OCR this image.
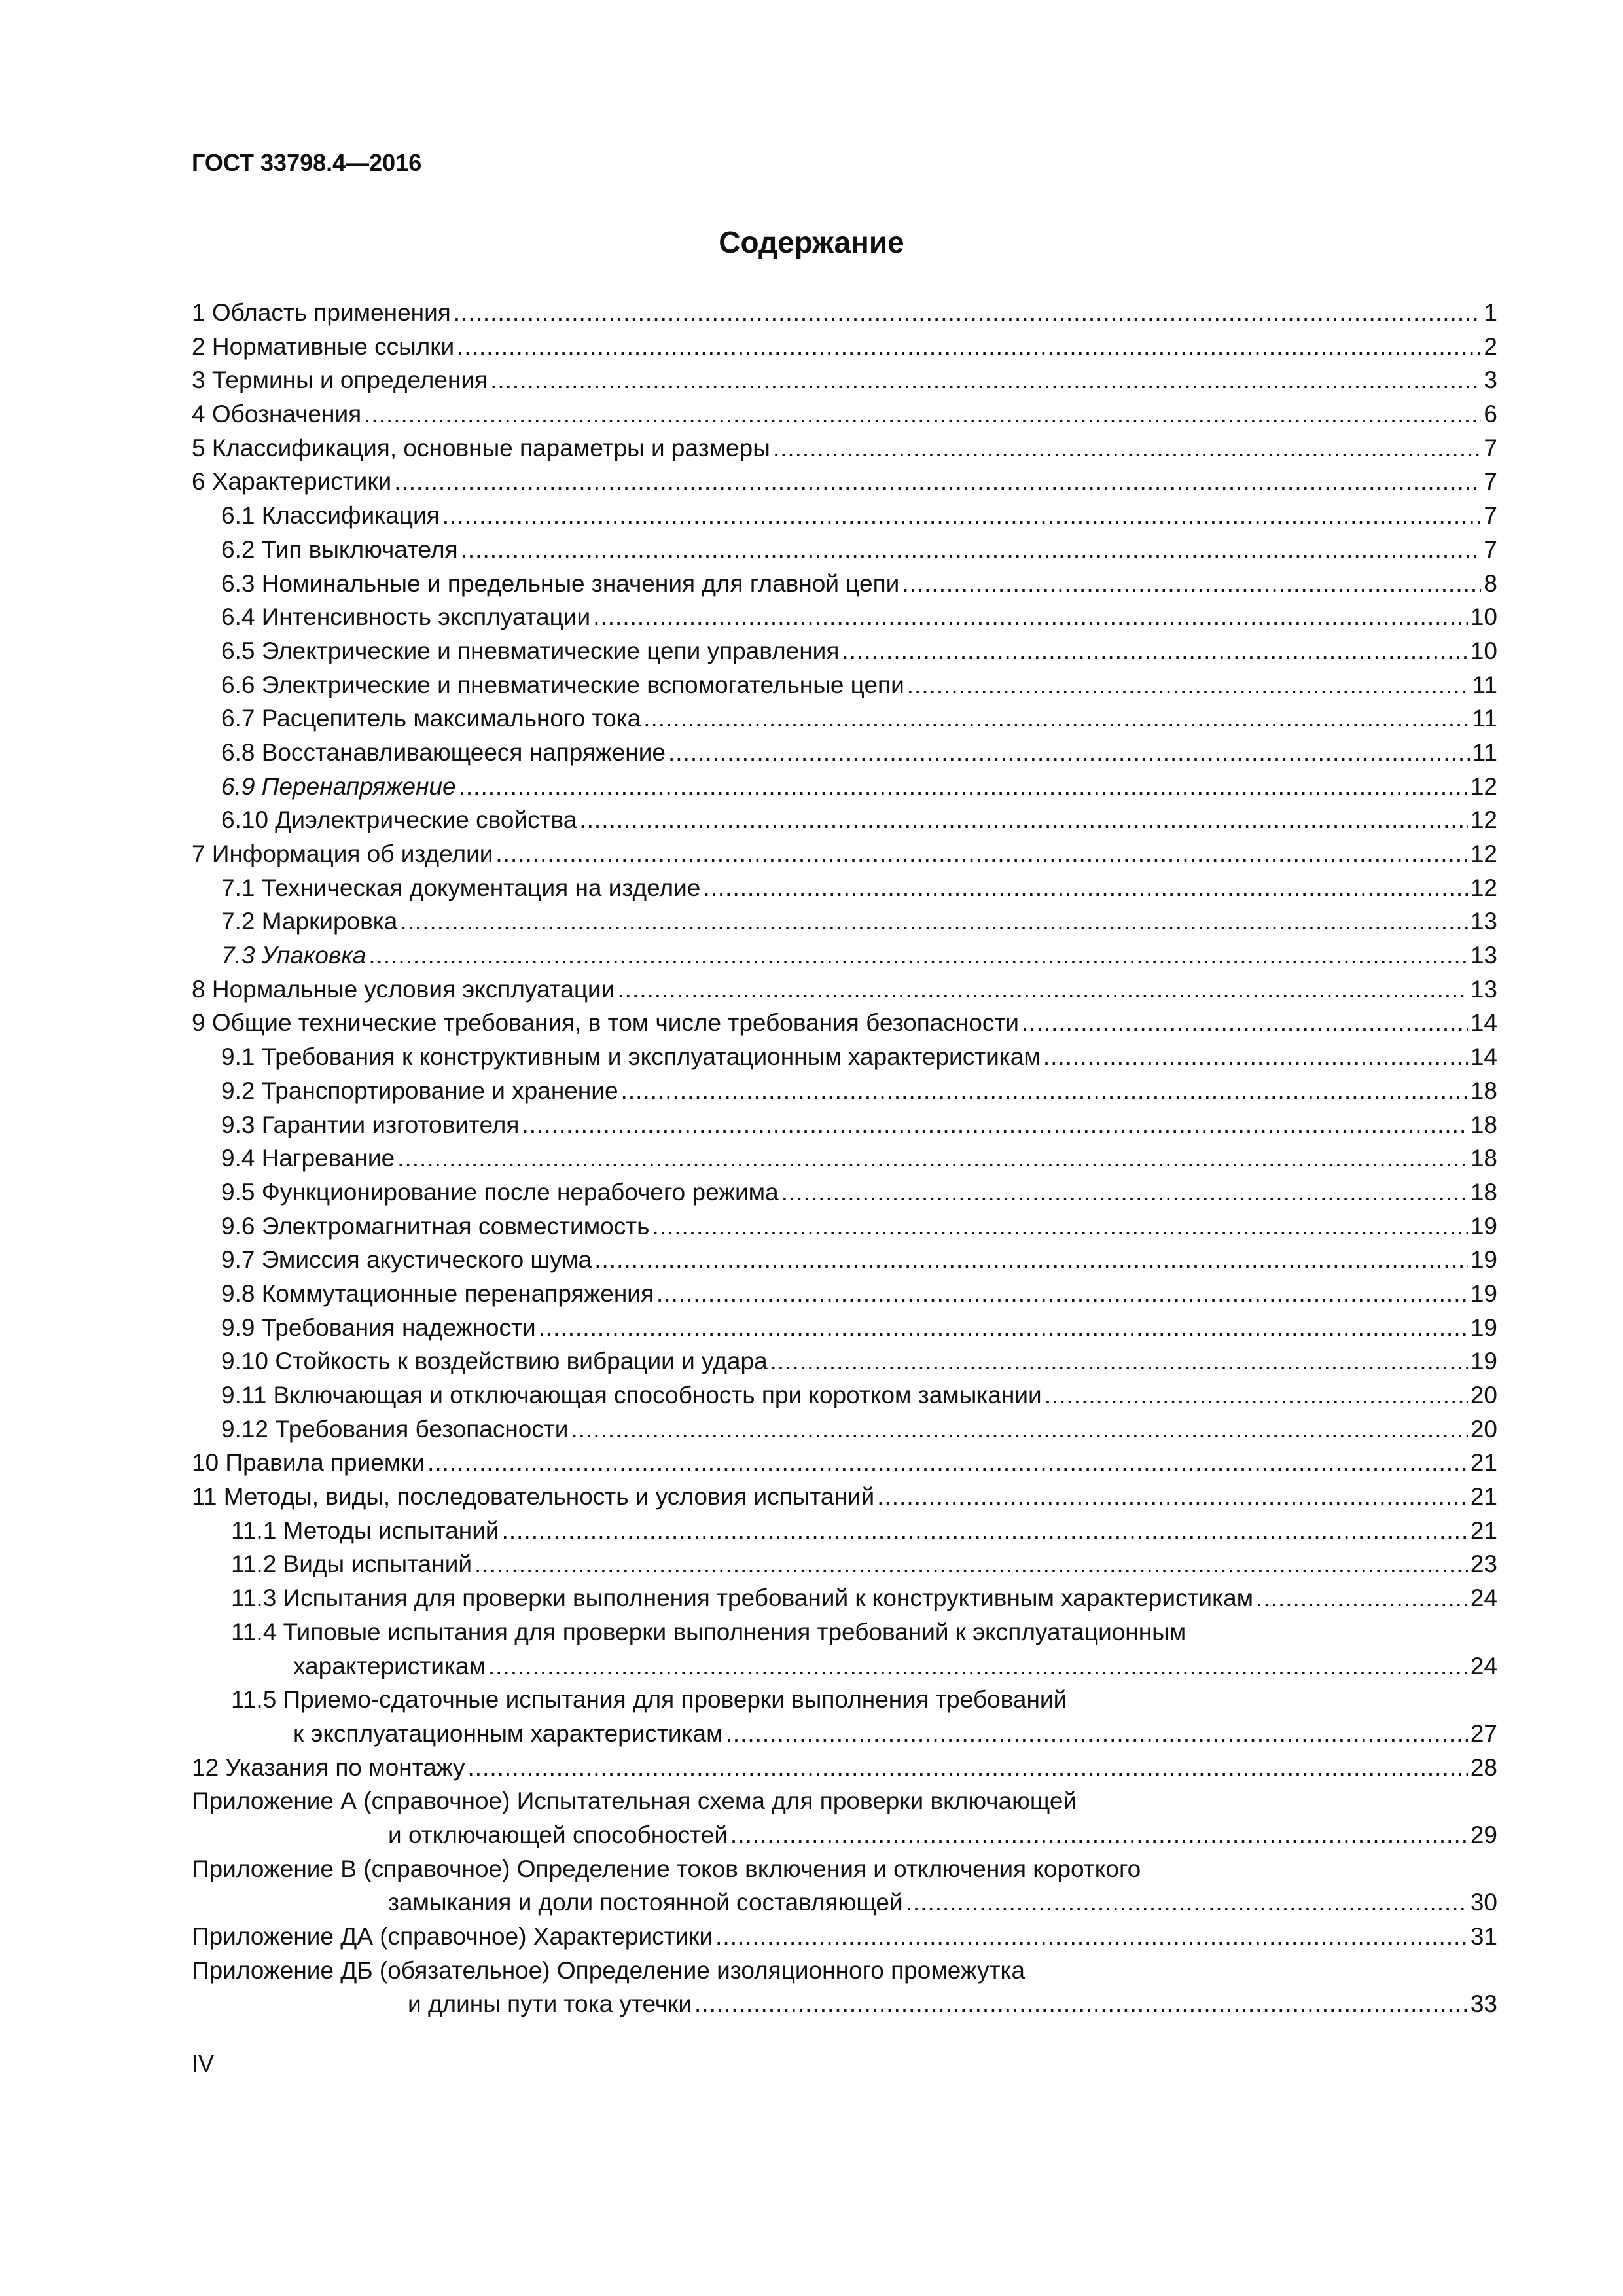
ГОСТ 33798.4—2016
Содержание
1 Область применения .....	1
2 Нормативные ссылки .....	2
3 Термины и определения .....	3
4 Обозначения .....	6
5 Классификация, основные параметры и размеры .....	7
6 Характеристики .....	7
6.1 Классификация .....	7
6.2 Тип выключателя .....	7
6.3 Номинальные и предельные значения для главной цепи .....	8
6.4 Интенсивность эксплуатации .....	10
6.5 Электрические и пневматические цепи управления .....	10
6.6 Электрические и пневматические вспомогательные цепи .....	11
6.7 Расцепитель максимального тока .....	11
6.8 Восстанавливающееся напряжение .....	11
6.9 Перенапряжение .....	12
6.10 Диэлектрические свойства .....	12
7 Информация об изделии .....	12
7.1 Техническая документация на изделие .....	12
7.2 Маркировка .....	13
7.3 Упаковка .....	13
8 Нормальные условия эксплуатации .....	13
9 Общие технические требования, в том числе требования безопасности .....	14
9.1 Требования к конструктивным и эксплуатационным характеристикам .....	14
9.2 Транспортирование и хранение .....	18
9.3 Гарантии изготовителя .....	18
9.4 Нагревание .....	18
9.5 Функционирование после нерабочего режима .....	18
9.6 Электромагнитная совместимость .....	19
9.7 Эмиссия акустического шума .....	19
9.8 Коммутационные перенапряжения .....	19
9.9 Требования надежности .....	19
9.10 Стойкость к воздействию вибрации и удара .....	19
9.11 Включающая и отключающая способность при коротком замыкании .....	20
9.12 Требования безопасности .....	20
10 Правила приемки .....	21
11 Методы, виды, последовательность и условия испытаний .....	21
11.1 Методы испытаний .....	21
11.2 Виды испытаний .....	23
11.3 Испытания для проверки выполнения требований к конструктивным характеристикам .....	24
11.4 Типовые испытания для проверки выполнения требований к эксплуатационным
характеристикам .....	24
11.5 Приемо-сдаточные испытания для проверки выполнения требований
к эксплуатационным характеристикам .....	27
12 Указания по монтажу .....	28
Приложение А (справочное) Испытательная схема для проверки включающей
и отключающей способностей .....	29
Приложение В (справочное) Определение токов включения и отключения короткого
замыкания и доли постоянной составляющей .....	30
Приложение ДА (справочное) Характеристики .....	31
Приложение ДБ (обязательное) Определение изоляционного промежутка
и длины пути тока утечки .....	33
IV
